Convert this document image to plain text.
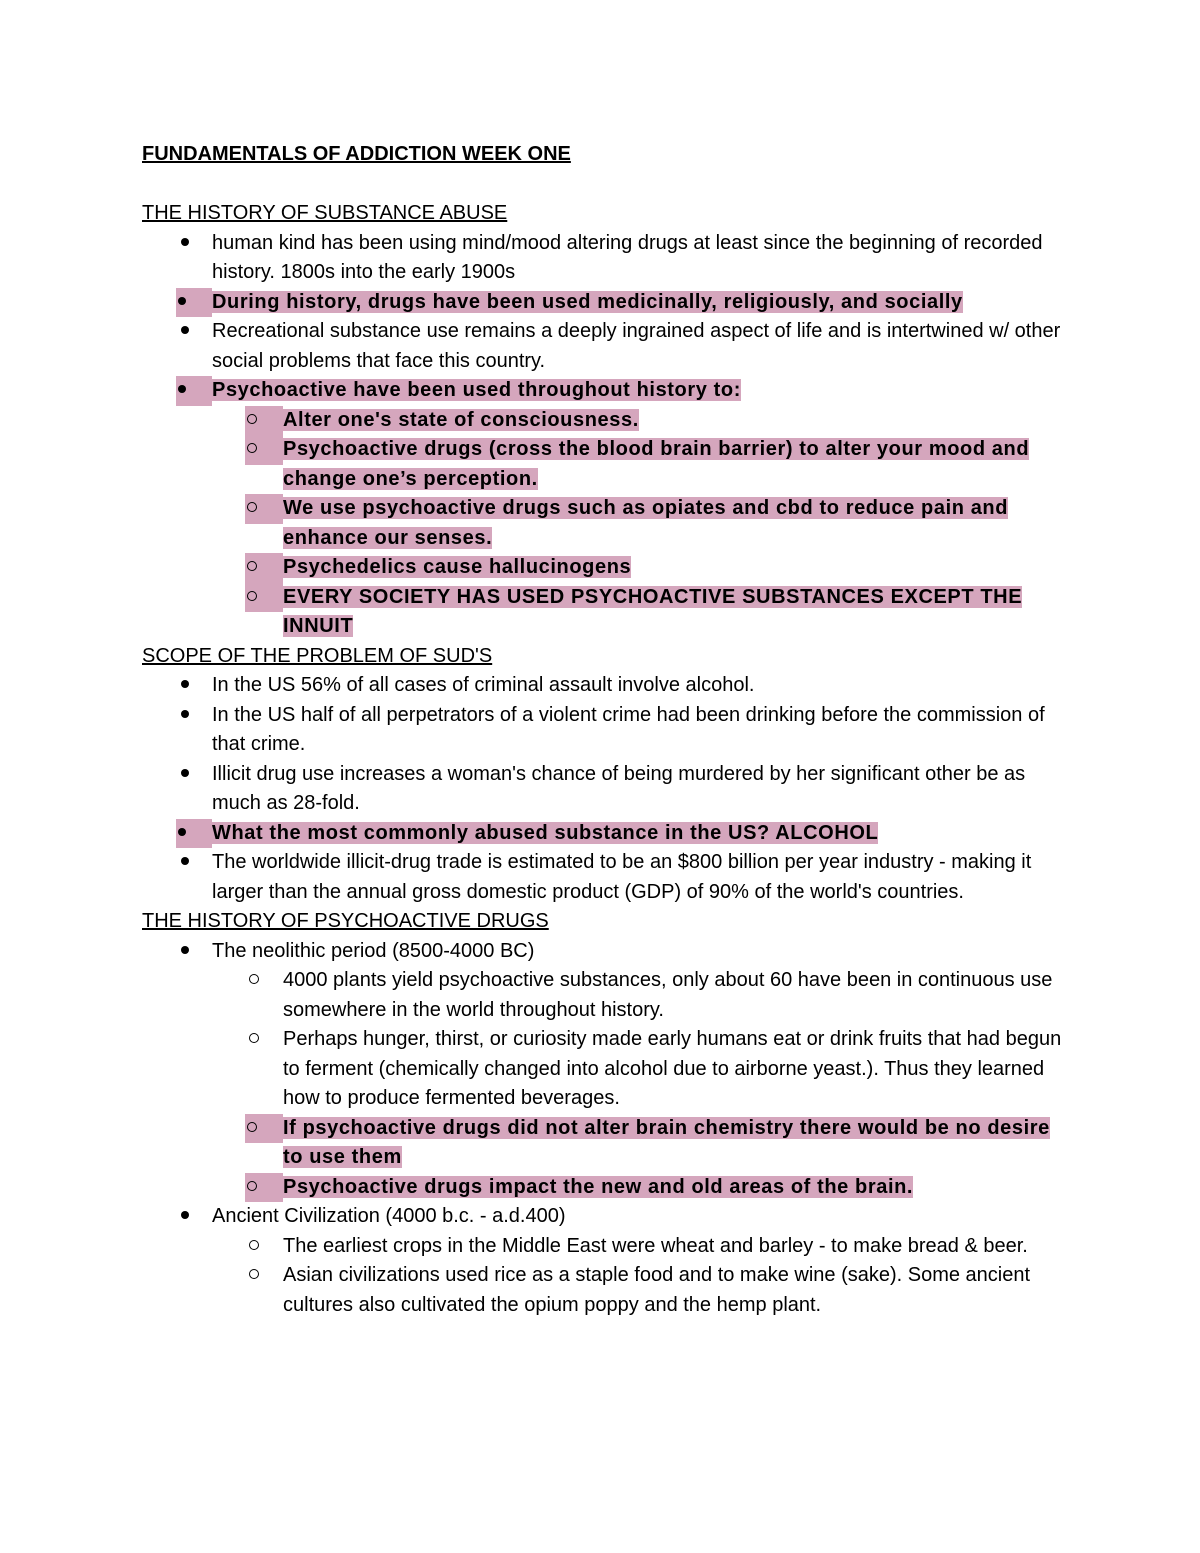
FUNDAMENTALS OF ADDICTION WEEK ONE
THE HISTORY OF SUBSTANCE ABUSE
human kind has been using mind/mood altering drugs at least since the beginning of recorded history. 1800s into the early 1900s
During history, drugs have been used medicinally, religiously, and socially
Recreational substance use remains a deeply ingrained aspect of life and is intertwined w/ other social problems that face this country.
Psychoactive have been used throughout history to:
Alter one's state of consciousness.
Psychoactive drugs (cross the blood brain barrier) to alter your mood and change one’s perception.
We use psychoactive drugs such as opiates and cbd to reduce pain and enhance our senses.
Psychedelics cause hallucinogens
EVERY SOCIETY HAS USED PSYCHOACTIVE SUBSTANCES EXCEPT THE INNUIT
SCOPE OF THE PROBLEM OF SUD'S
In the US 56% of all cases of criminal assault involve alcohol.
In the US half of all perpetrators of a violent crime had been drinking before the commission of that crime.
Illicit drug use increases a woman's chance of being murdered by her significant other be as much as 28-fold.
What the most commonly abused substance in the US? ALCOHOL
The worldwide illicit-drug trade is estimated to be an $800 billion per year industry - making it larger than the annual gross domestic product (GDP) of 90% of the world's countries.
THE HISTORY OF PSYCHOACTIVE DRUGS
The neolithic period (8500-4000 BC)
4000 plants yield psychoactive substances, only about 60 have been in continuous use somewhere in the world throughout history.
Perhaps hunger, thirst, or curiosity made early humans eat or drink fruits that had begun to ferment (chemically changed into alcohol due to airborne yeast.). Thus they learned how to produce fermented beverages.
If psychoactive drugs did not alter brain chemistry there would be no desire to use them
Psychoactive drugs impact the new and old areas of the brain.
Ancient Civilization (4000 b.c. - a.d.400)
The earliest crops in the Middle East were wheat and barley - to make bread & beer.
Asian civilizations used rice as a staple food and to make wine (sake). Some ancient cultures also cultivated the opium poppy and the hemp plant.
